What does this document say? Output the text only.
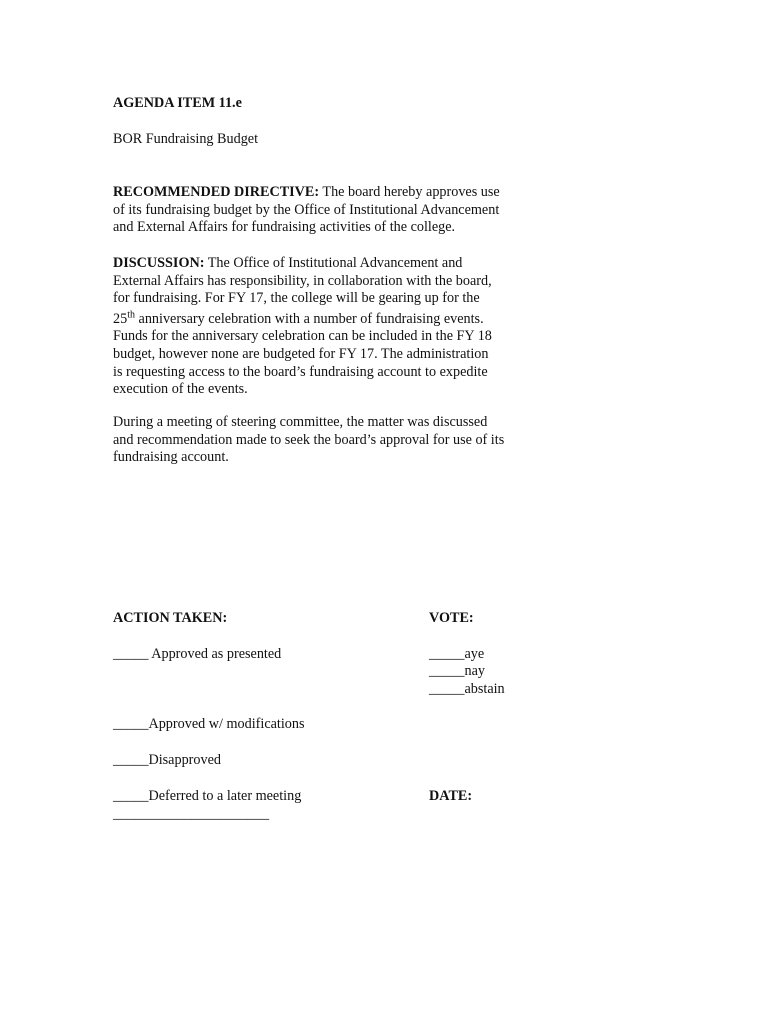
AGENDA ITEM 11.e
BOR Fundraising Budget
RECOMMENDED DIRECTIVE: The board hereby approves use
of its fundraising budget by the Office of Institutional Advancement
and External Affairs for fundraising activities of the college.
DISCUSSION: The Office of Institutional Advancement and
External Affairs has responsibility, in collaboration with the board,
for fundraising. For FY 17, the college will be gearing up for the
25th anniversary celebration with a number of fundraising events.
Funds for the anniversary celebration can be included in the FY 18
budget, however none are budgeted for FY 17. The administration
is requesting access to the board’s fundraising account to expedite
execution of the events.
During a meeting of steering committee, the matter was discussed
and recommendation made to seek the board’s approval for use of its
fundraising account.
ACTION TAKEN:
_____ Approved as presented
_____Approved w/ modifications
_____Disapproved
_____Deferred to a later meeting
______________________
VOTE:
_____aye
_____nay
_____abstain
DATE:
